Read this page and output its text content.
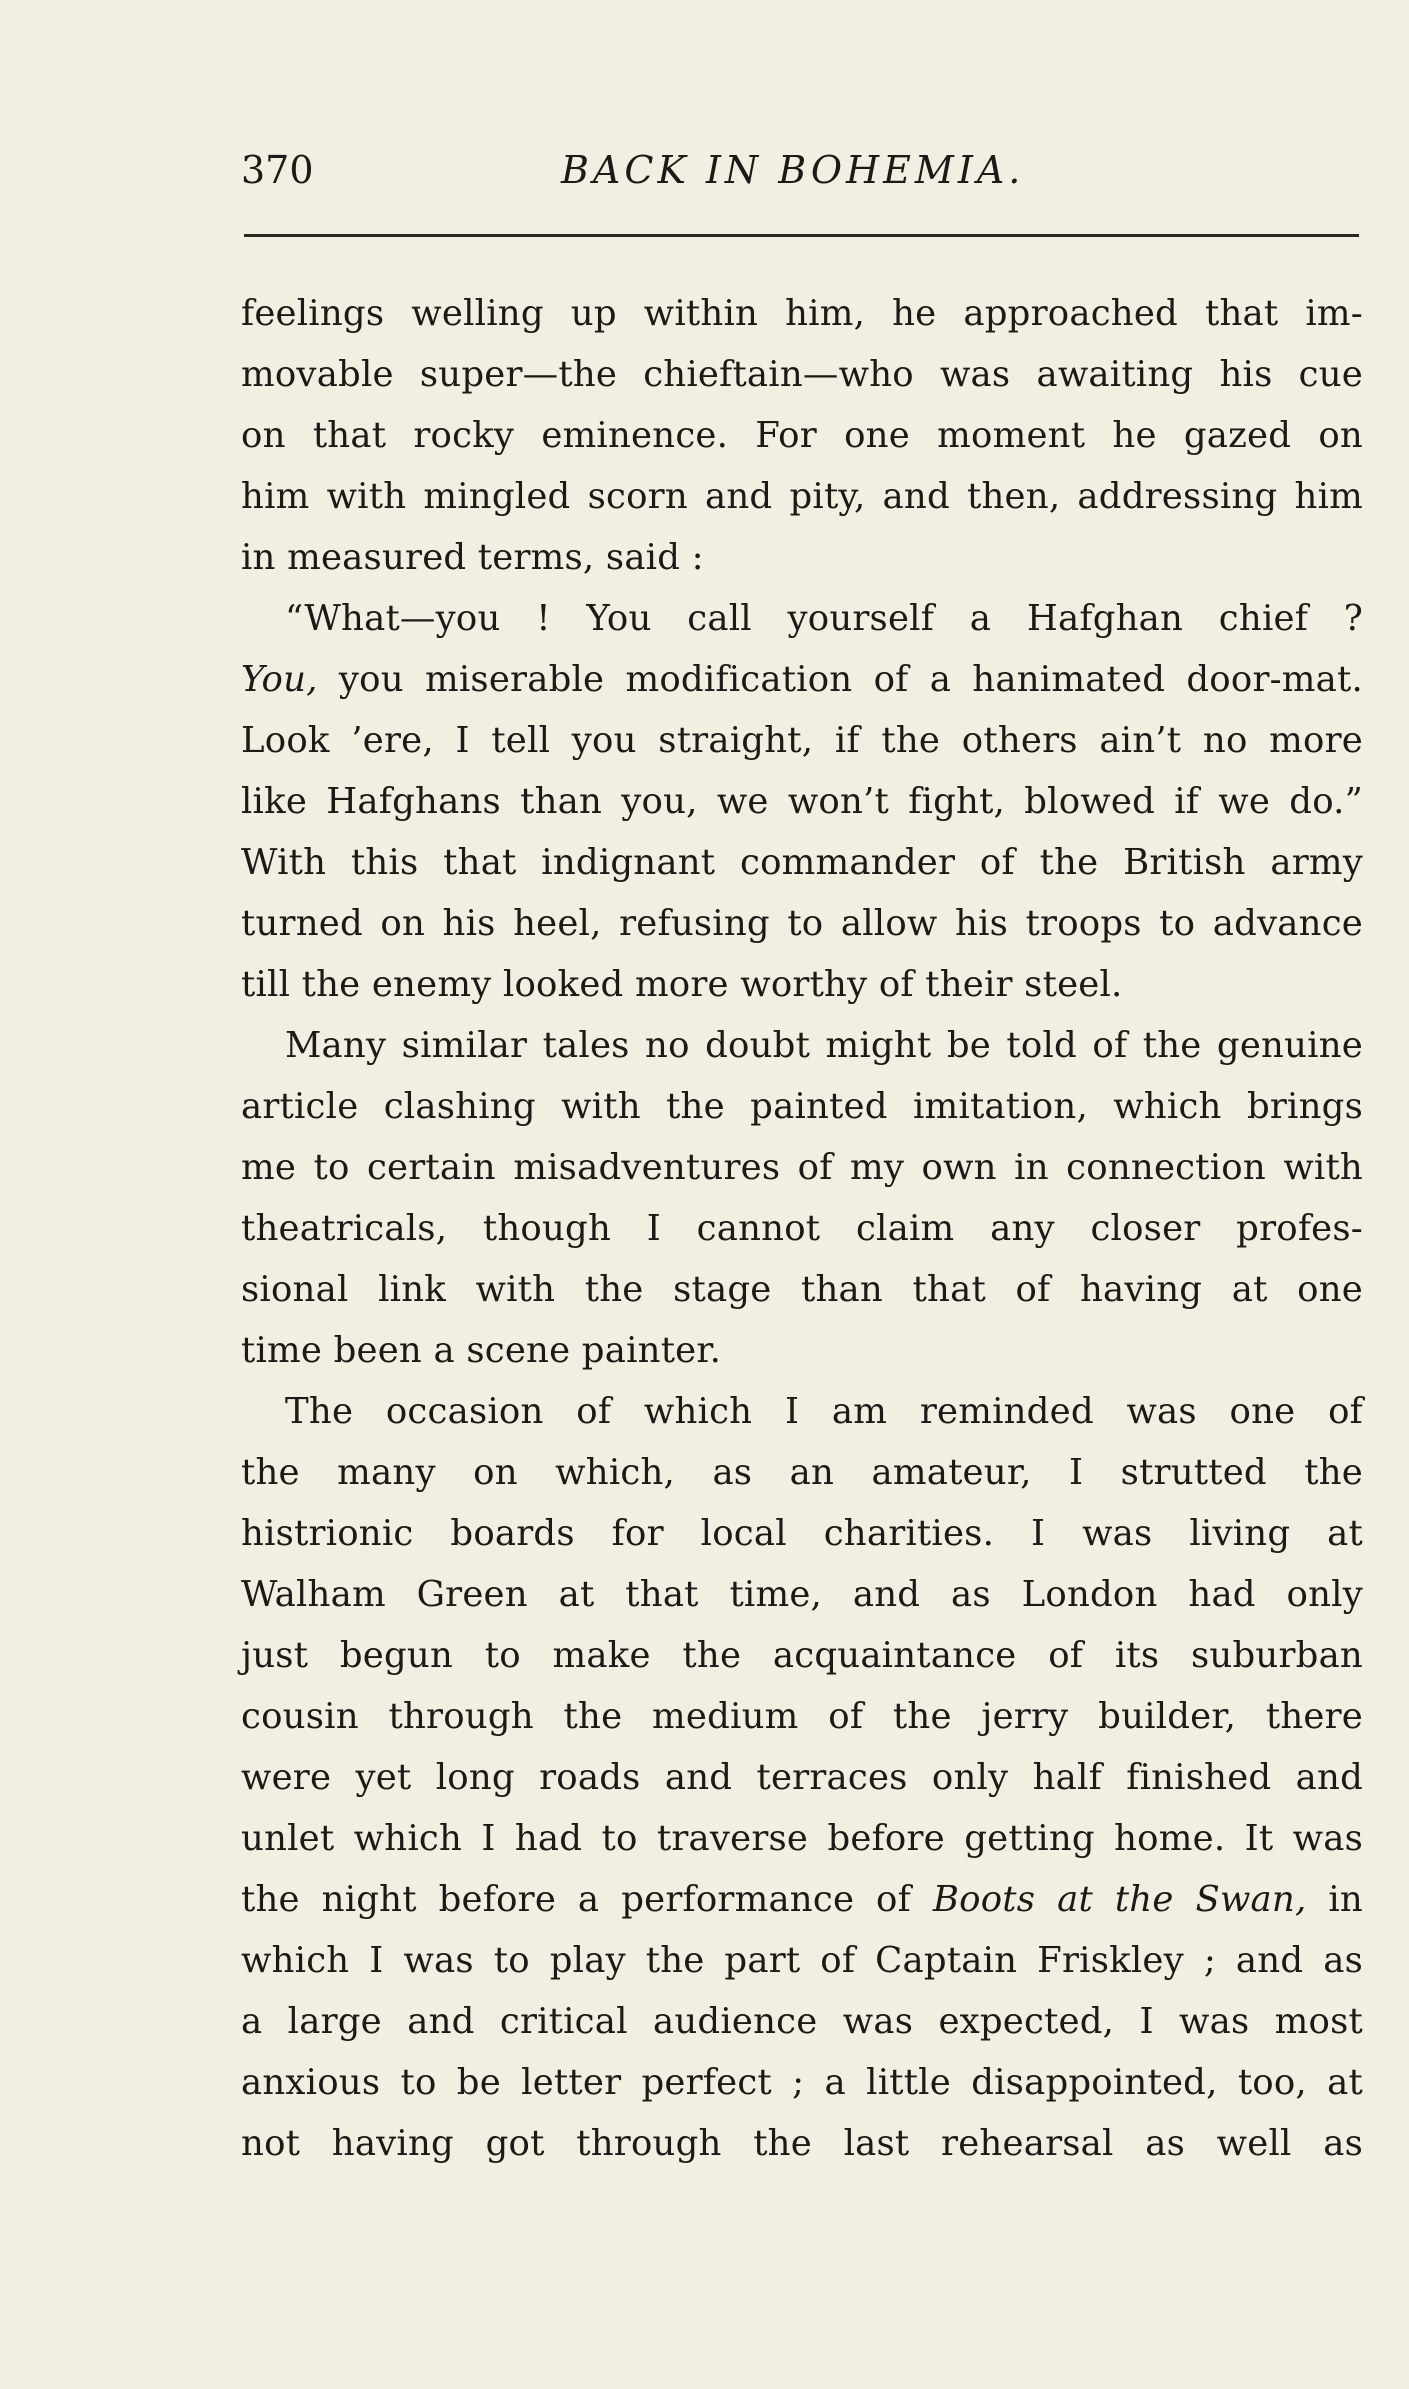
370	BACK IN BOHEMIA.
feelings welling up within him, he approached that im-
movable super—the chieftain—who was awaiting his cue
on that rocky eminence. For one moment he gazed on
him with mingled scorn and pity, and then, addressing him
in measured terms, said :
“What—you ! You call yourself a Hafghan chief ?
You, you miserable modification of a hanimated door-mat.
Look ’ere, I tell you straight, if the others ain’t no more
like Hafghans than you, we won’t fight, blowed if we do.”
With this that indignant commander of the British army
turned on his heel, refusing to allow his troops to advance
till the enemy looked more worthy of their steel.
Many similar tales no doubt might be told of the genuine
article clashing with the painted imitation, which brings
me to certain misadventures of my own in connection with
theatricals, though I cannot claim any closer profes-
sional link with the stage than that of having at one
time been a scene painter.
The occasion of which I am reminded was one of
the many on which, as an amateur, I strutted the
histrionic boards for local charities. I was living at
Walham Green at that time, and as London had only
just begun to make the acquaintance of its suburban
cousin through the medium of the jerry builder, there
were yet long roads and terraces only half finished and
unlet which I had to traverse before getting home. It was
the night before a performance of Boots at the Swan, in
which I was to play the part of Captain Friskley ; and as
a large and critical audience was expected, I was most
anxious to be letter perfect ; a little disappointed, too, at
not having got through the last rehearsal as well as
